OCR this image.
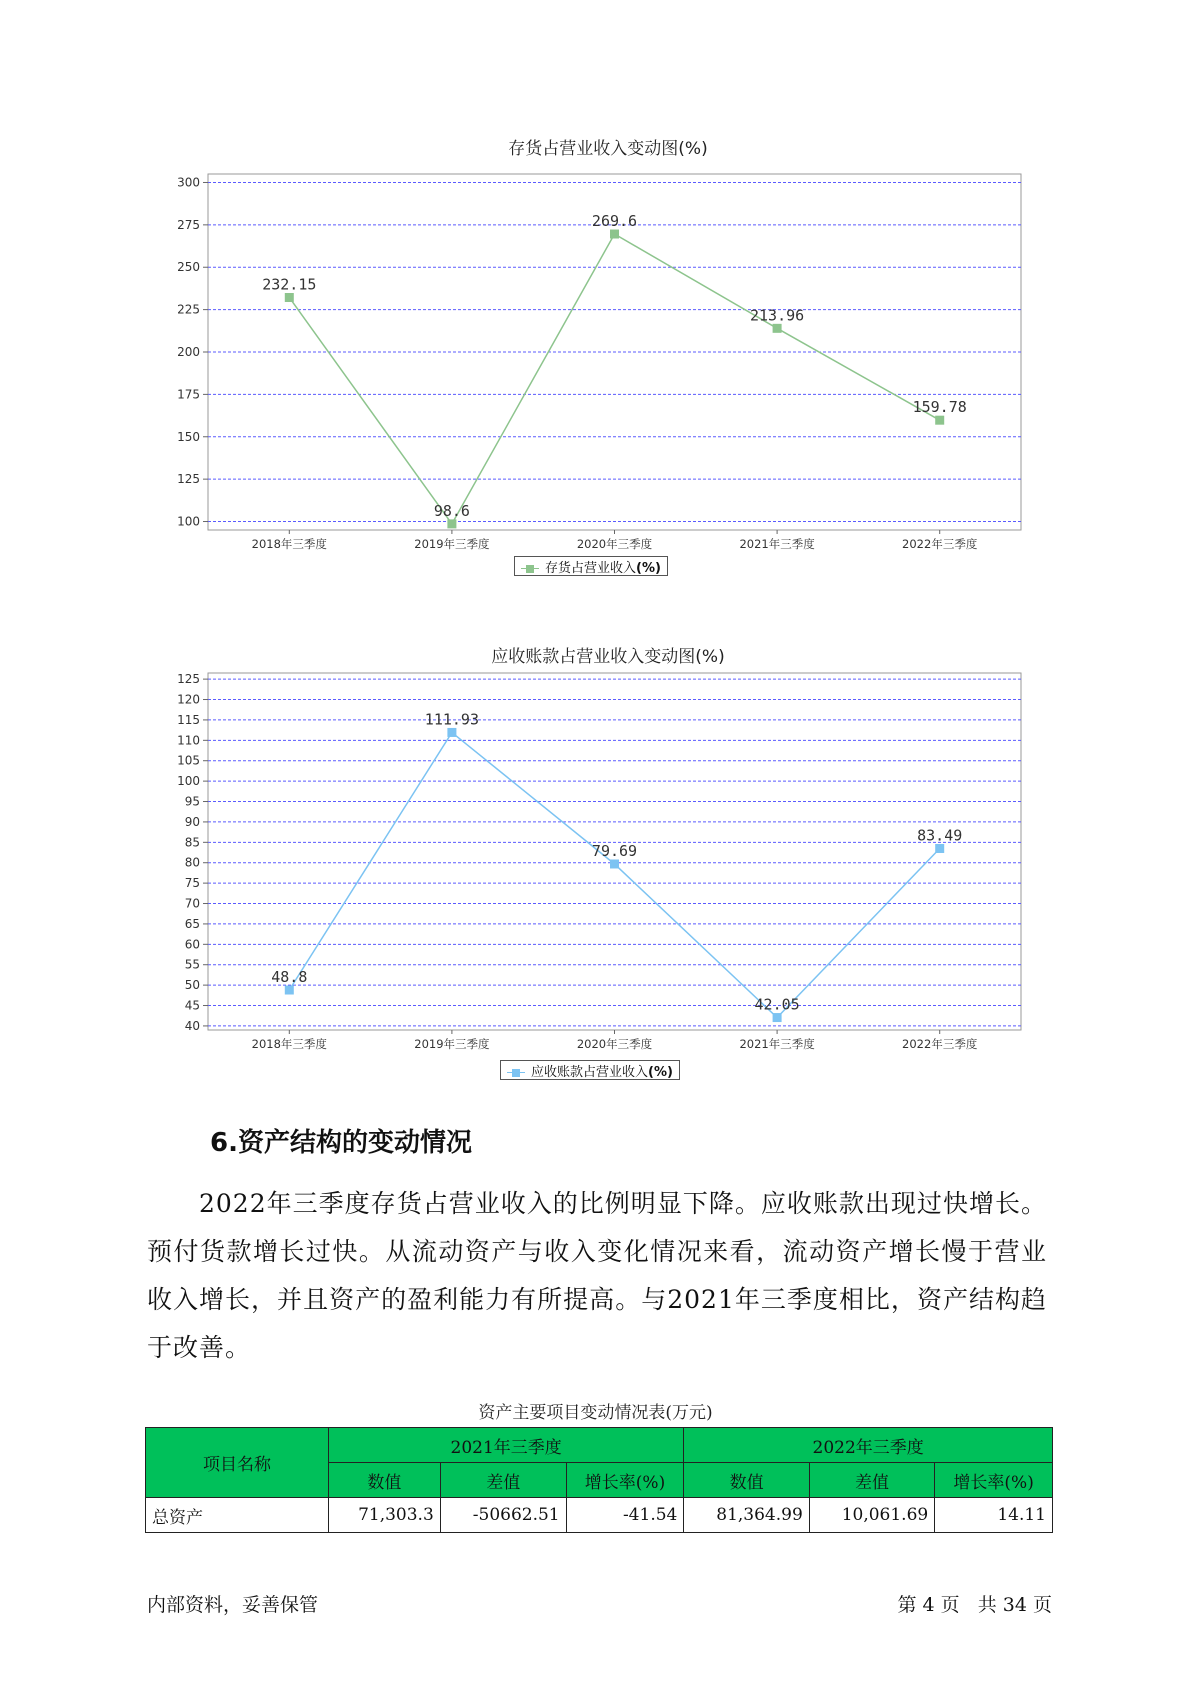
存货占营业收入变动图(%)
100
125
150
175
200
225
250
275
300
2018年三季度	2019年三季度	2020年三季度	2021年三季度	2022年三季度
232.15
98.6
269.6
213.96
159.78
存货占营业收入(%)
应收账款占营业收入变动图(%)
40
45
50
55
60
65
70
75
80
85
90
95
100
105
110
115
120
125
2018年三季度	2019年三季度	2020年三季度	2021年三季度	2022年三季度
48.8
111.93
79.69
42.05
83.49
应收账款占营业收入(%)
6.资产结构的变动情况
2022年三季度存货占营业收入的比例明显下降。应收账款出现过快增长。预付货款增长过快。从流动资产与收入变化情况来看，流动资产增长慢于营业收入增长，并且资产的盈利能力有所提高。与2021年三季度相比，资产结构趋于改善。
资产主要项目变动情况表(万元)
项目名称	2021年三季度			2022年三季度		
	数值	差值	增长率(%)	数值	差值	增长率(%)
总资产	71,303.3	-50662.51	-41.54	81,364.99	10,061.69	14.11
内部资料，妥善保管	第 4 页   共 34 页
